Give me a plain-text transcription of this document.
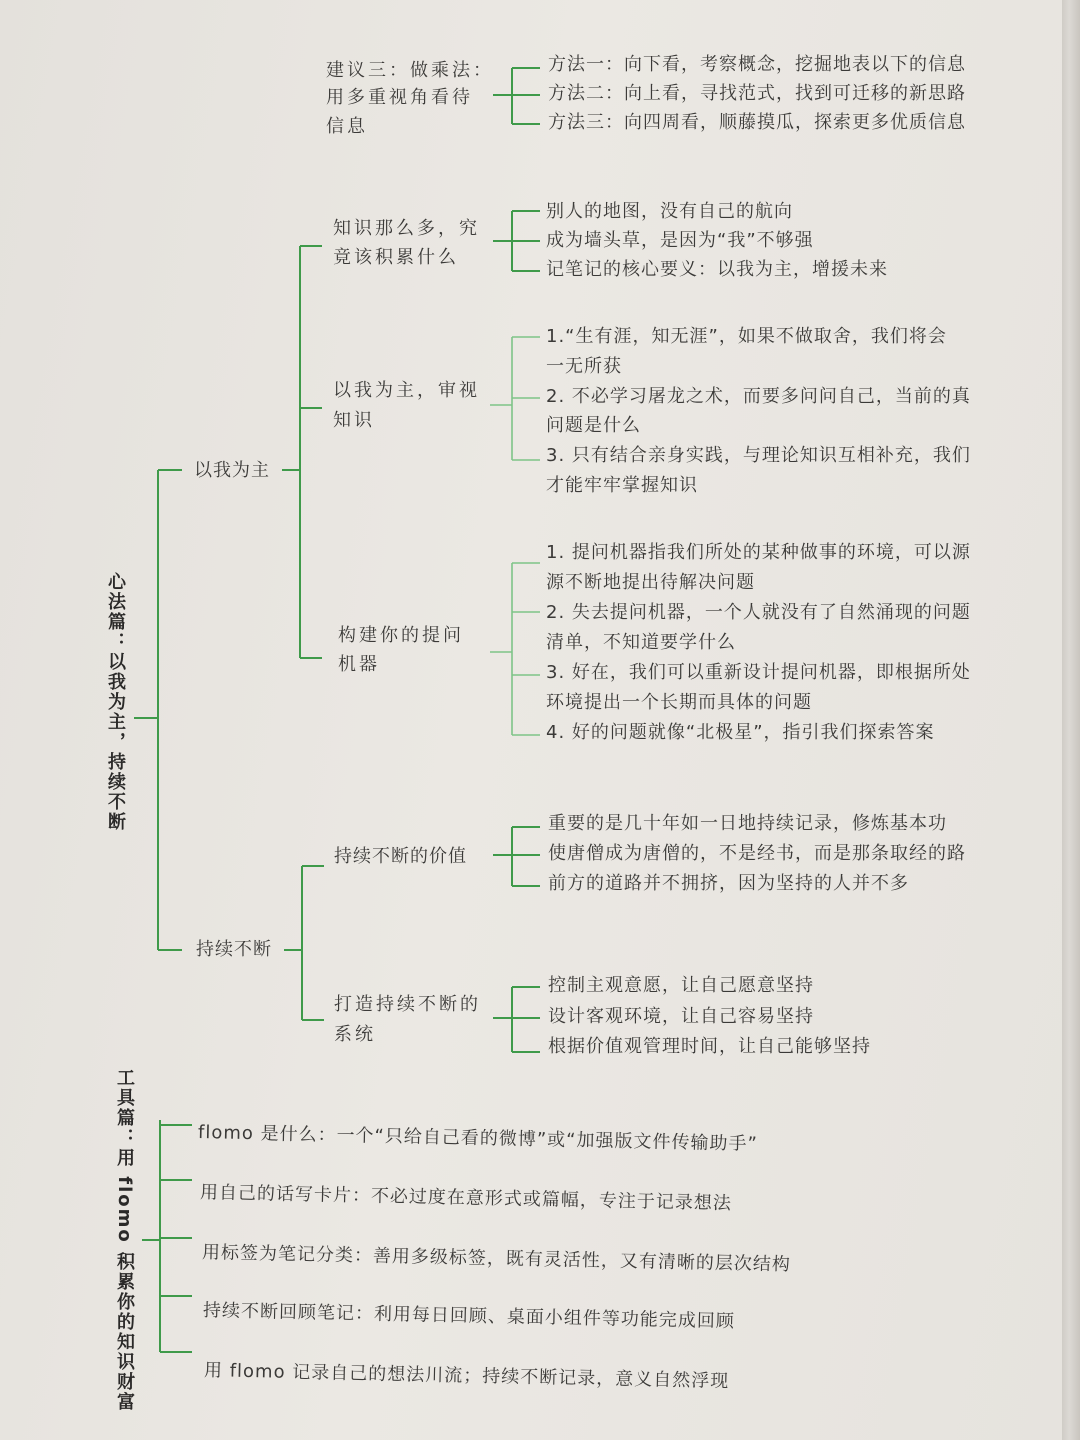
建议三：做乘法：

用多重视角看待

信息

方法一：向下看，考察概念，挖掘地表以下的信息

方法二：向上看，寻找范式，找到可迁移的新思路

方法三：向四周看，顺藤摸瓜，探索更多优质信息

心法篇：以我为主，持续不断

以我为主

持续不断

知识那么多，究

竟该积累什么

别人的地图，没有自己的航向

成为墙头草，是因为“我”不够强

记笔记的核心要义：以我为主，增援未来

以我为主，审视

知识

1.“生有涯，知无涯”，如果不做取舍，我们将会

一无所获

2. 不必学习屠龙之术，而要多问问自己，当前的真

问题是什么

3. 只有结合亲身实践，与理论知识互相补充，我们

才能牢牢掌握知识

构建你的提问

机器

1. 提问机器指我们所处的某种做事的环境，可以源

源不断地提出待解决问题

2. 失去提问机器，一个人就没有了自然涌现的问题

清单，不知道要学什么

3. 好在，我们可以重新设计提问机器，即根据所处

环境提出一个长期而具体的问题

4. 好的问题就像“北极星”，指引我们探索答案

持续不断的价值

重要的是几十年如一日地持续记录，修炼基本功

使唐僧成为唐僧的，不是经书，而是那条取经的路

前方的道路并不拥挤，因为坚持的人并不多

打造持续不断的

系统

控制主观意愿，让自己愿意坚持

设计客观环境，让自己容易坚持

根据价值观管理时间，让自己能够坚持

工具篇：用 flomo 积累你的知识财富	flomo 是什么：一个“只给自己看的微博”或“加强版文件传输助手”

用自己的话写卡片：不必过度在意形式或篇幅，专注于记录想法

用标签为笔记分类：善用多级标签，既有灵活性，又有清晰的层次结构

持续不断回顾笔记：利用每日回顾、桌面小组件等功能完成回顾

用 flomo 记录自己的想法川流；持续不断记录，意义自然浮现
